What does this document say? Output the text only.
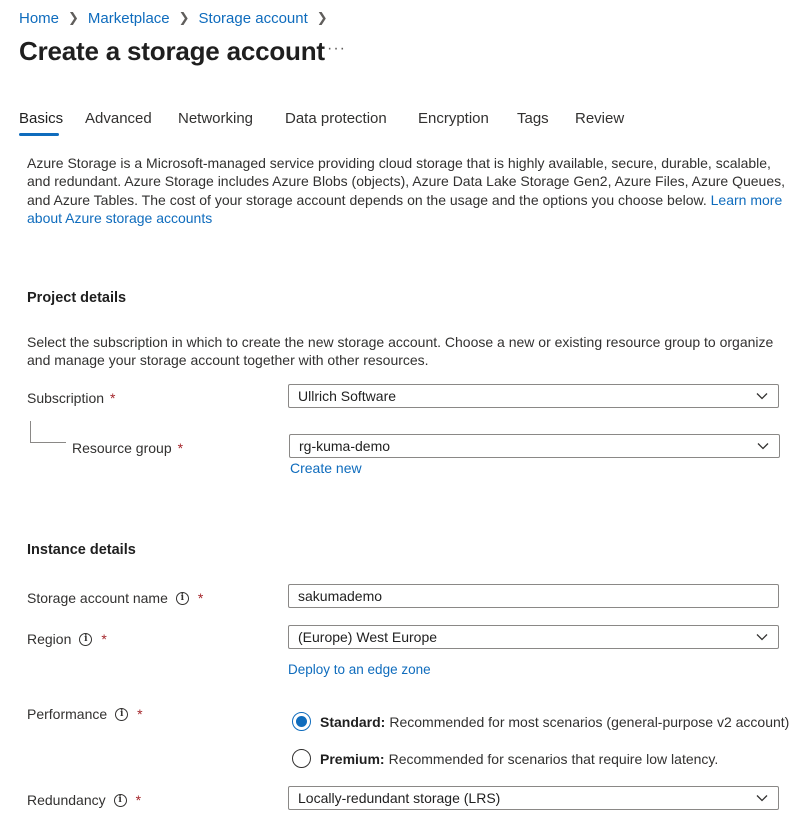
Home ❯ Marketplace ❯ Storage account ❯
Create a storage account ···
Basics Advanced Networking Data protection Encryption Tags Review
Azure Storage is a Microsoft-managed service providing cloud storage that is highly available, secure, durable, scalable, and redundant. Azure Storage includes Azure Blobs (objects), Azure Data Lake Storage Gen2, Azure Files, Azure Queues, and Azure Tables. The cost of your storage account depends on the usage and the options you choose below. Learn more about Azure storage accounts
Project details
Select the subscription in which to create the new storage account. Choose a new or existing resource group to organize and manage your storage account together with other resources.
Subscription *	Ullrich Software
Resource group *	rg-kuma-demo
Create new
Instance details
Storage account name	i *	sakumademo
Region	i *	(Europe) West Europe
Deploy to an edge zone
Performance	i *	Standard: Recommended for most scenarios (general-purpose v2 account)
Premium: Recommended for scenarios that require low latency.
Redundancy	i *	Locally-redundant storage (LRS)
